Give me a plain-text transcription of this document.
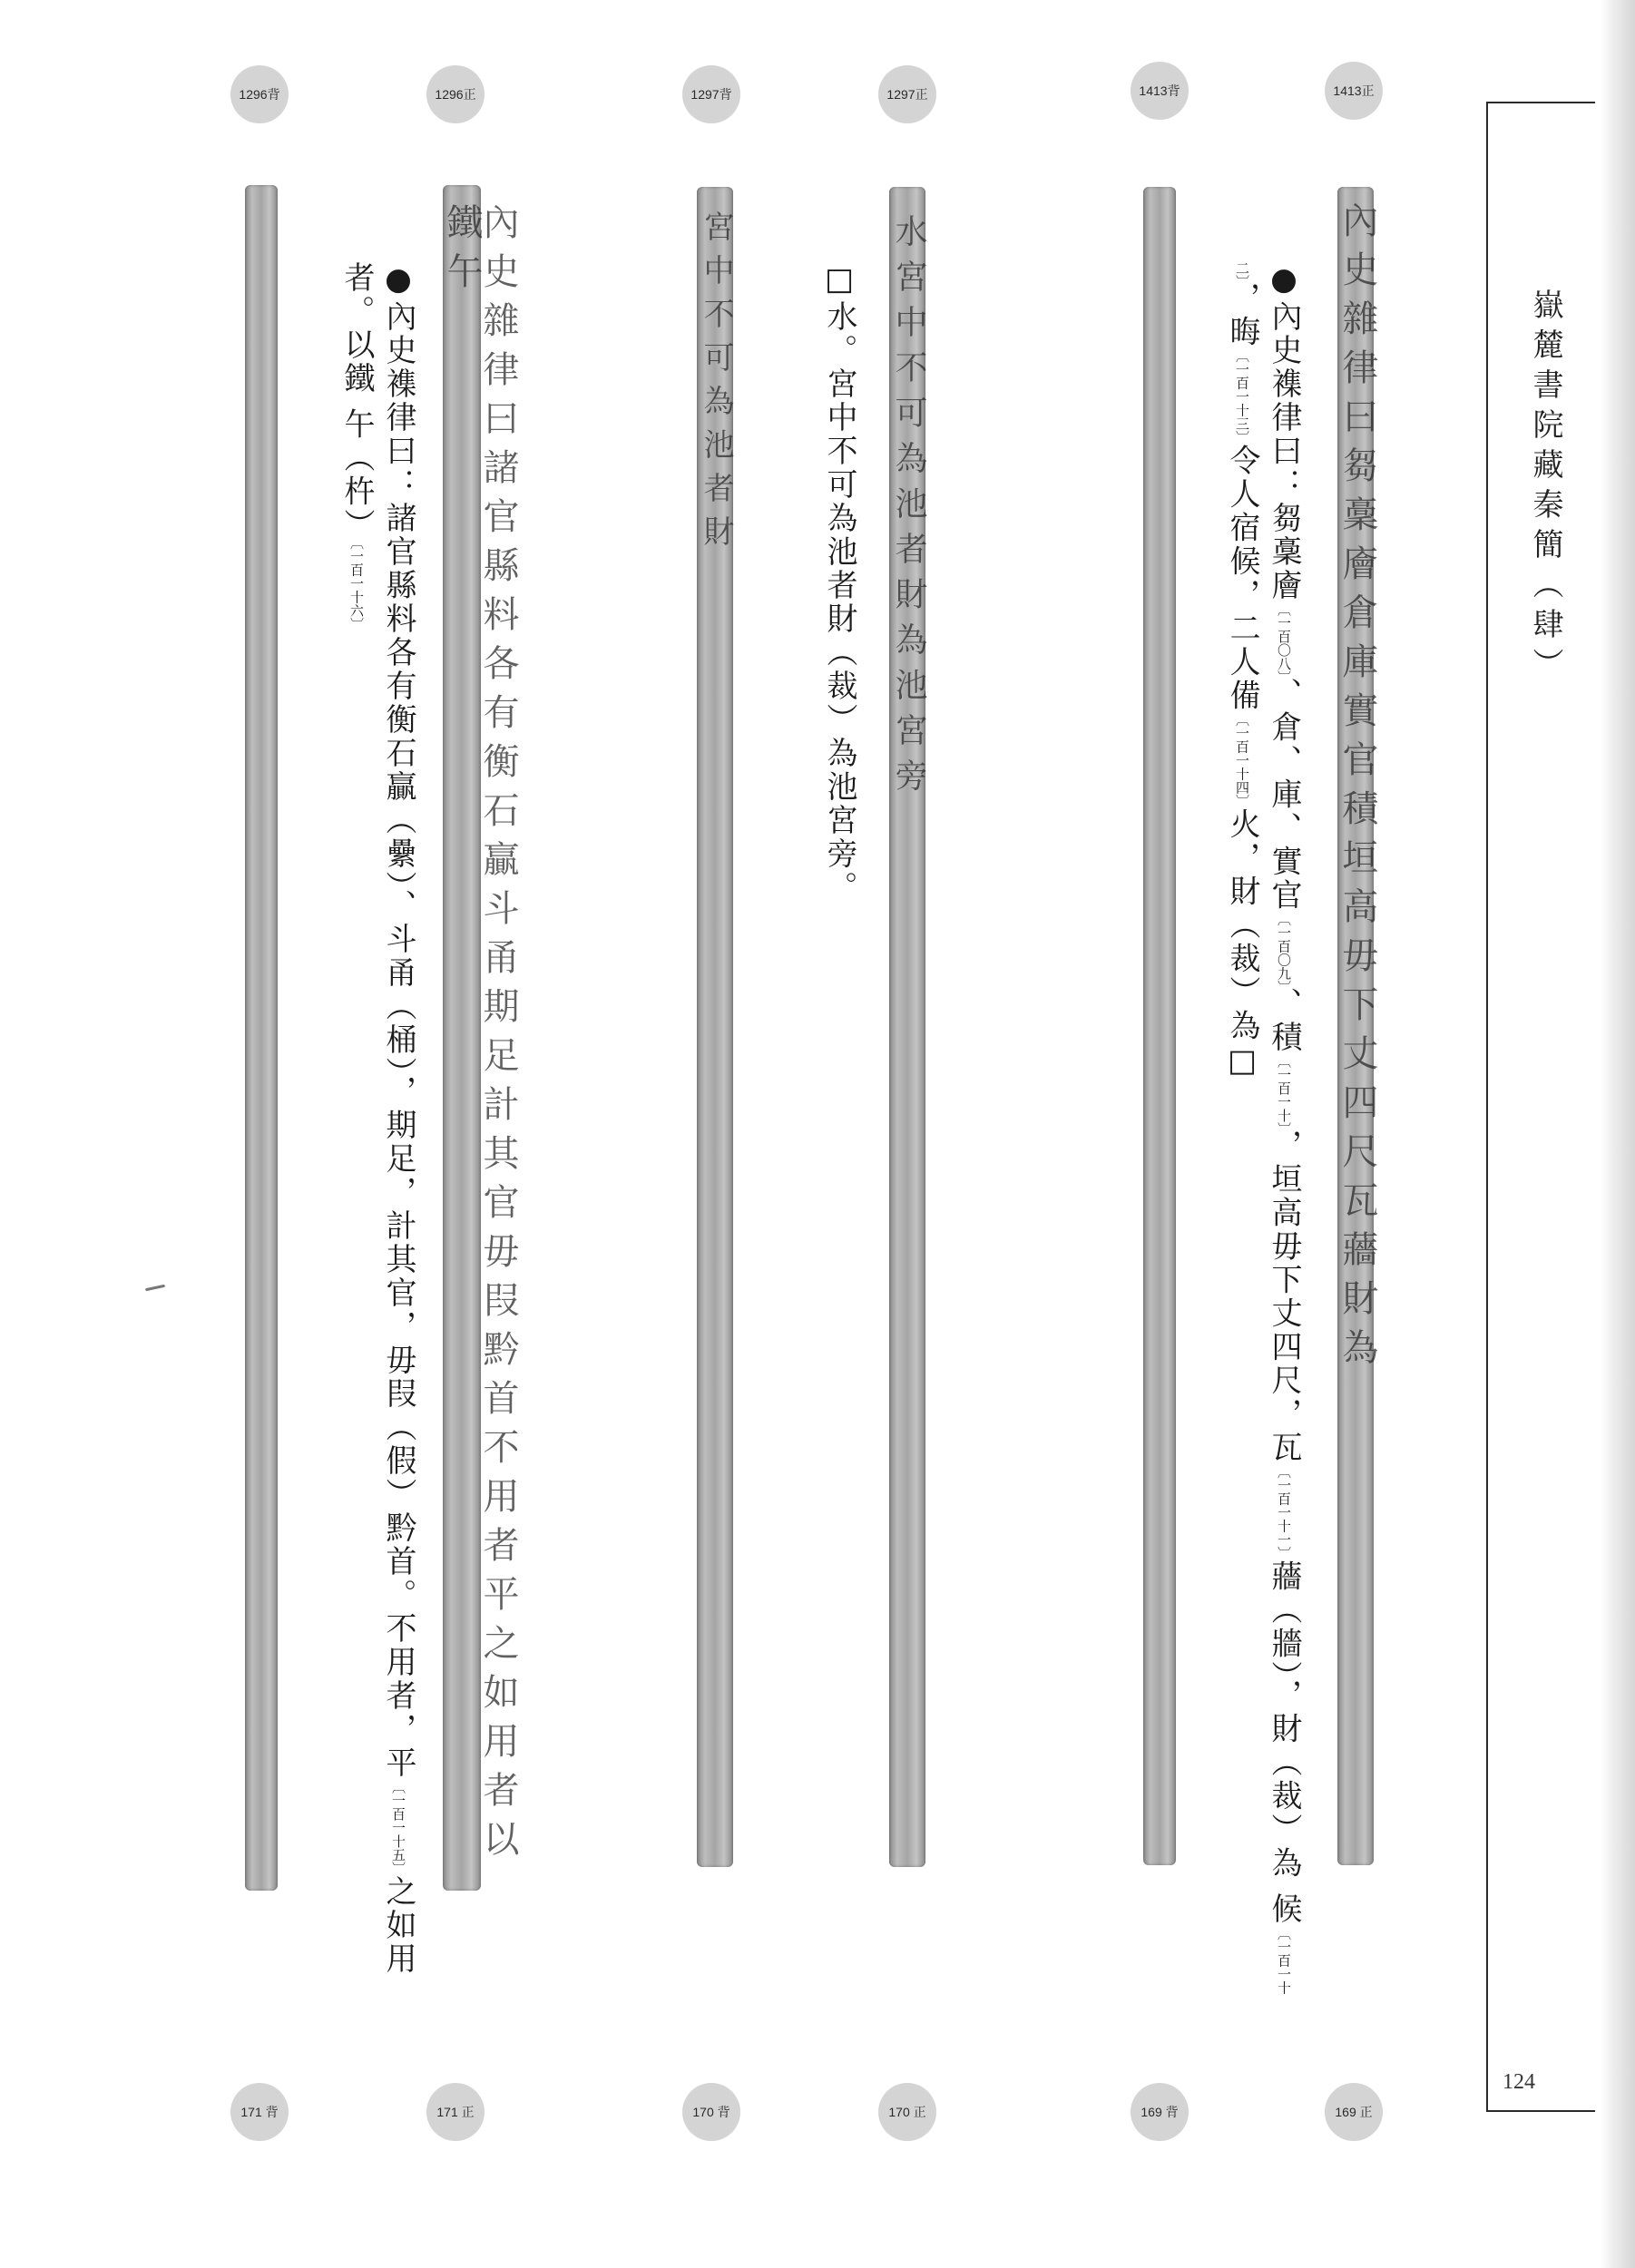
嶽麓書院藏秦簡（肆）
124
1296背	1296正	1297背	1297正	1413背	1413正
171 背	171 正	170 背	170 正	169 背	169 正
內史雜律曰諸官縣料各有衡石贏斗甬期足計其官毋叚黔首不用者平之如用者以鐵午	宮中不可為池者財	水宮中不可為池者財為池宮旁	內史雜律曰芻稾廥倉庫實官積垣高毋下丈四尺瓦蘠財為
●內史襍律曰：芻稾廥〔一百〇八〕、倉、庫、實官〔一百〇九〕、積〔一百一十〕，垣高毋下丈四尺，瓦〔一百一十一〕蘠（牆），財（裁）為 候〔一百一十二〕，晦〔一百一十三〕令人宿候，二人備〔一百一十四〕火，財（裁）為□
□水。宮中不可為池者財（裁）為池宮旁。
●內史襍律曰：諸官縣料各有衡石贏（纍）、斗甬（桶），期足，計其官，毋叚（假）黔首。不用者，平〔一百一十五〕之如用者。以鐵 午（杵）〔一百一十六〕
